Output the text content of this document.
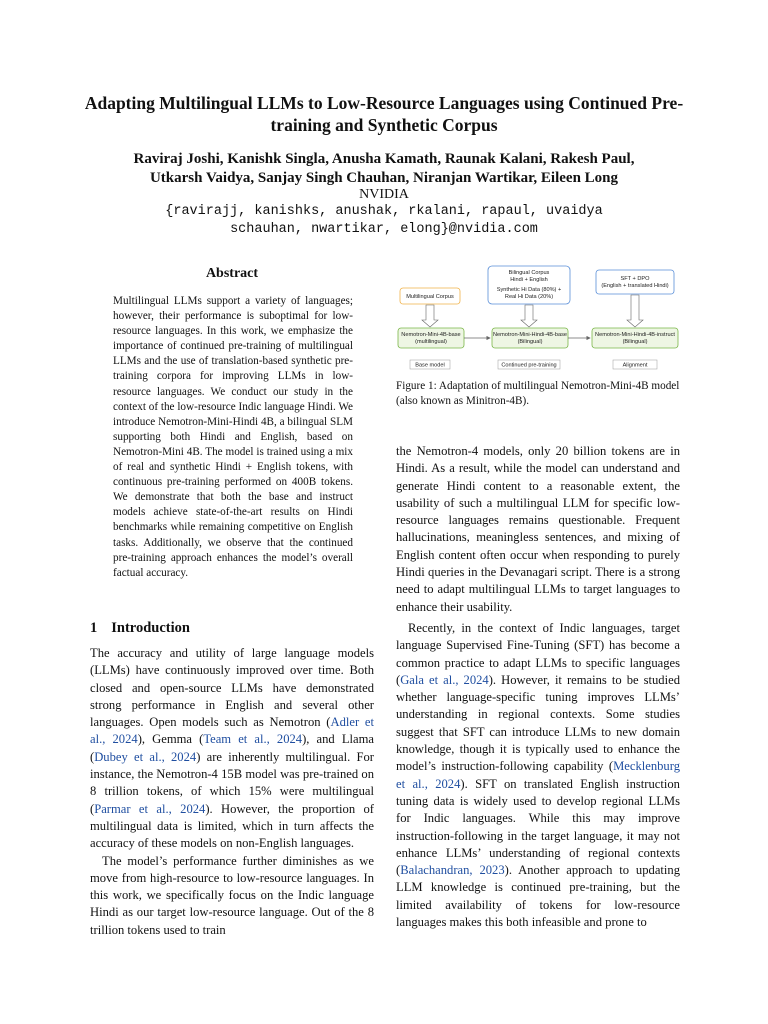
Adapting Multilingual LLMs to Low-Resource Languages using Continued Pre-training and Synthetic Corpus
Raviraj Joshi, Kanishk Singla, Anusha Kamath, Raunak Kalani, Rakesh Paul,
Utkarsh Vaidya, Sanjay Singh Chauhan, Niranjan Wartikar, Eileen Long
NVIDIA
{ravirajj, kanishks, anushak, rkalani, rapaul, uvaidya
schauhan, nwartikar, elong}@nvidia.com
Abstract
Multilingual LLMs support a variety of languages; however, their performance is suboptimal for low-resource languages. In this work, we emphasize the importance of continued pre-training of multilingual LLMs and the use of translation-based synthetic pre-training corpora for improving LLMs in low-resource languages. We conduct our study in the context of the low-resource Indic language Hindi. We introduce Nemotron-Mini-Hindi 4B, a bilingual SLM supporting both Hindi and English, based on Nemotron-Mini 4B. The model is trained using a mix of real and synthetic Hindi + English tokens, with continuous pre-training performed on 400B tokens. We demonstrate that both the base and instruct models achieve state-of-the-art results on Hindi benchmarks while remaining competitive on English tasks. Additionally, we observe that the continued pre-training approach enhances the model’s overall factual accuracy.
1 Introduction

The accuracy and utility of large language models (LLMs) have continuously improved over time. Both closed and open-source LLMs have demonstrated strong performance in English and several other languages. Open models such as Nemotron (Adler et al., 2024), Gemma (Team et al., 2024), and Llama (Dubey et al., 2024) are inherently multilingual. For instance, the Nemotron-4 15B model was pre-trained on 8 trillion tokens, of which 15% were multilingual (Parmar et al., 2024). However, the proportion of multilingual data is limited, which in turn affects the accuracy of these models on non-English languages.

The model’s performance further diminishes as we move from high-resource to low-resource languages. In this work, we specifically focus on the Indic language Hindi as our target low-resource language. Out of the 8 trillion tokens used to train

Multilingual Corpus
Bilingual Corpus
Hindi + English
Synthetic Hi Data (80%) +
Real Hi Data (20%)
SFT + DPO
(English + translated Hindi)
Nemotron-Mini-4B-base
(multilingual)
Nemotron-Mini-Hindi-4B-base
(Bilingual)
Nemotron-Mini-Hindi-4B-instruct
(Bilingual)
Base model	Continued pre-training	Alignment
Figure 1: Adaptation of multilingual Nemotron-Mini-4B model (also known as Minitron-4B).

the Nemotron-4 models, only 20 billion tokens are in Hindi. As a result, while the model can understand and generate Hindi content to a reasonable extent, the usability of such a multilingual LLM for specific low-resource languages remains questionable. Frequent hallucinations, meaningless sentences, and mixing of English content often occur when responding to purely Hindi queries in the Devanagari script. There is a strong need to adapt multilingual LLMs to target languages to enhance their usability.

Recently, in the context of Indic languages, target language Supervised Fine-Tuning (SFT) has become a common practice to adapt LLMs to specific languages (Gala et al., 2024). However, it remains to be studied whether language-specific tuning improves LLMs’ understanding in regional contexts. Some studies suggest that SFT can introduce LLMs to new domain knowledge, though it is typically used to enhance the model’s instruction-following capability (Mecklenburg et al., 2024). SFT on translated English instruction tuning data is widely used to develop regional LLMs for Indic languages. While this may improve instruction-following in the target language, it may not enhance LLMs’ understanding of regional contexts (Balachandran, 2023). Another approach to updating LLM knowledge is continued pre-training, but the limited availability of tokens for low-resource languages makes this both infeasible and prone to
